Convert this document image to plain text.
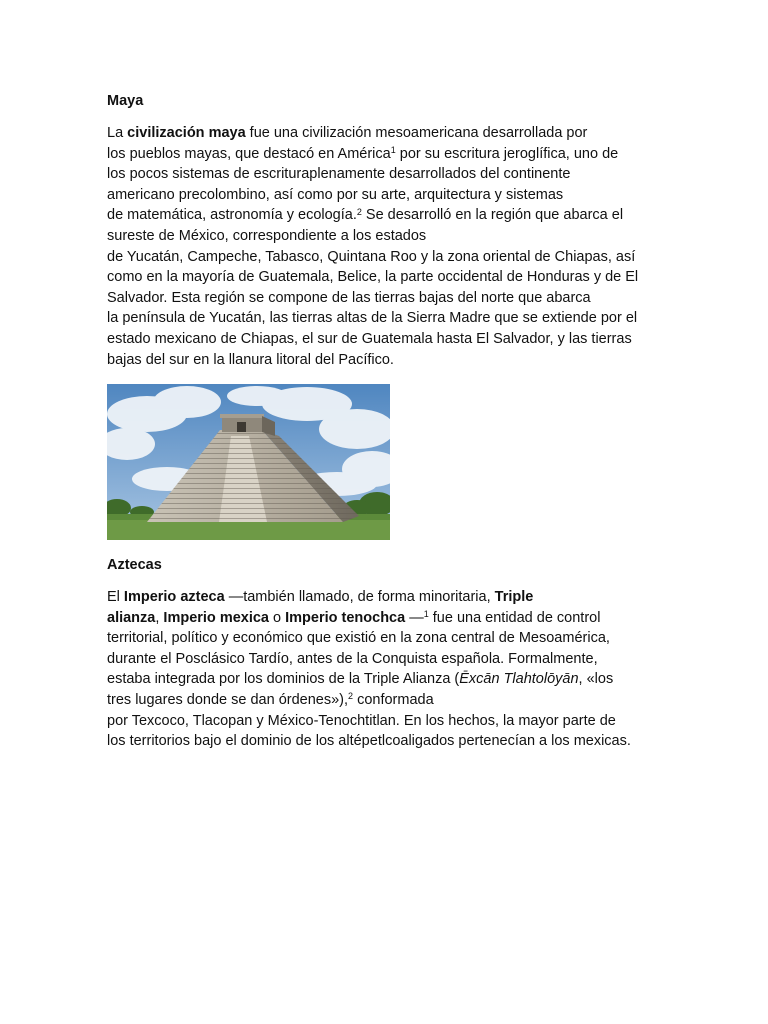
Maya
La civilización maya fue una civilización mesoamericana desarrollada por
los pueblos mayas, que destacó en América$^1$ por su escritura jeroglífica, uno de
los pocos sistemas de escrituraplenamente desarrollados del continente
americano precolombino, así como por su arte, arquitectura y sistemas
de matemática, astronomía y ecología.$^2$ Se desarrolló en la región que abarca el
sureste de México, correspondiente a los estados
de Yucatán, Campeche, Tabasco, Quintana Roo y la zona oriental de Chiapas, así
como en la mayoría de Guatemala, Belice, la parte occidental de Honduras y de El
Salvador. Esta región se compone de las tierras bajas del norte que abarca
la península de Yucatán, las tierras altas de la Sierra Madre que se extiende por el
estado mexicano de Chiapas, el sur de Guatemala hasta El Salvador, y las tierras
bajas del sur en la llanura litoral del Pacífico.
Aztecas
El Imperio azteca —también llamado, de forma minoritaria, Triple
alianza, Imperio mexica o Imperio tenochca —$^1$ fue una entidad de control
territorial, político y económico que existió en la zona central de Mesoamérica,
durante el Posclásico Tardío, antes de la Conquista española. Formalmente,
estaba integrada por los dominios de la Triple Alianza (Ēxcān Tlahtolōyān, «los
tres lugares donde se dan órdenes»),$^2$ conformada
por Texcoco, Tlacopan y México-Tenochtitlan. En los hechos, la mayor parte de
los territorios bajo el dominio de los altépetlcoaligados pertenecían a los mexicas.
